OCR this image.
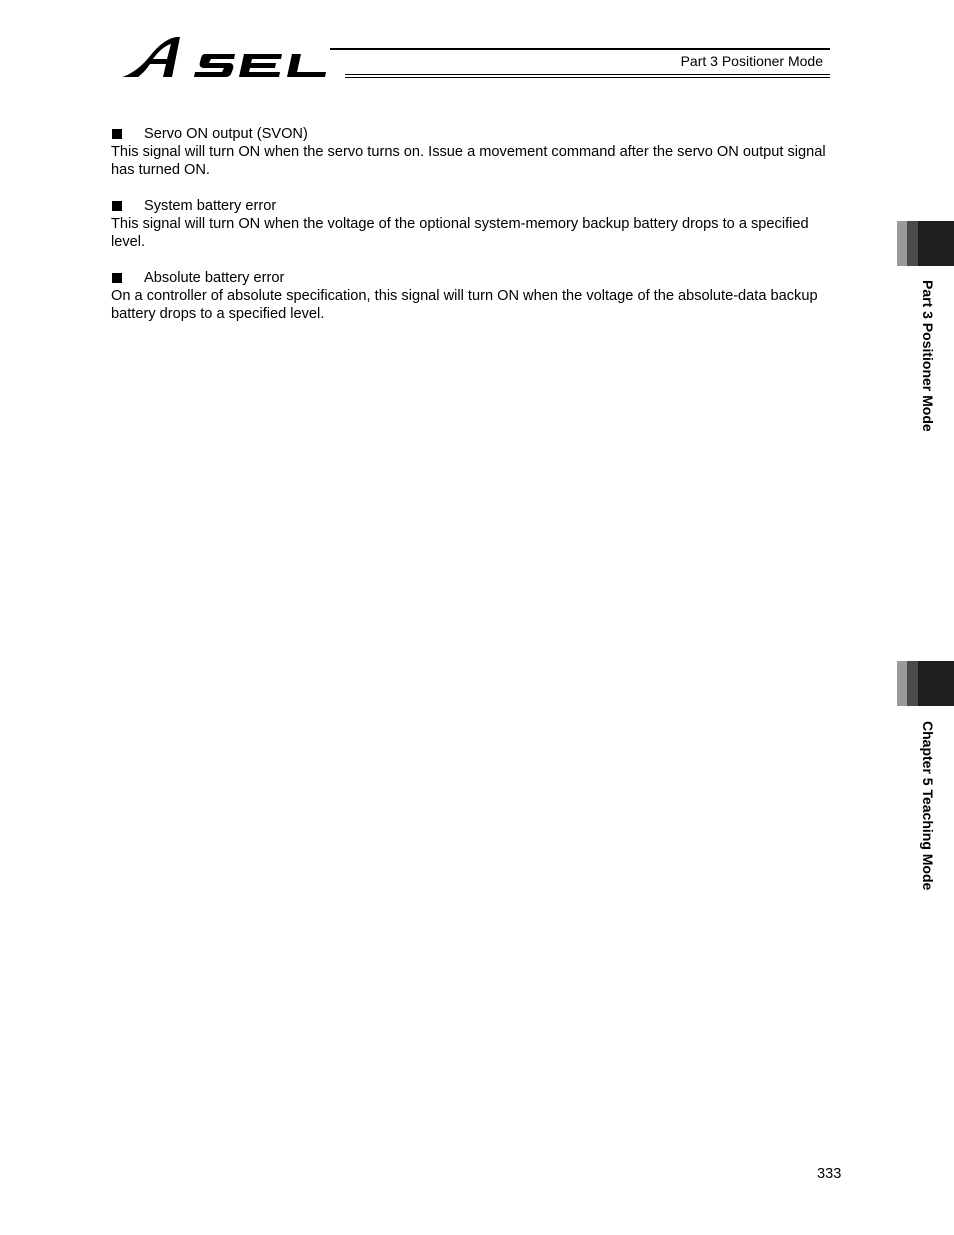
Part 3 Positioner Mode
Servo ON output (SVON)

This signal will turn ON when the servo turns on. Issue a movement command after the servo ON output signal has turned ON.

System battery error

This signal will turn ON when the voltage of the optional system-memory backup battery drops to a specified level.

Absolute battery error

On a controller of absolute specification, this signal will turn ON when the voltage of the absolute-data backup battery drops to a specified level.	Part 3 Positioner Mode
Chapter 5 Teaching Mode
333
